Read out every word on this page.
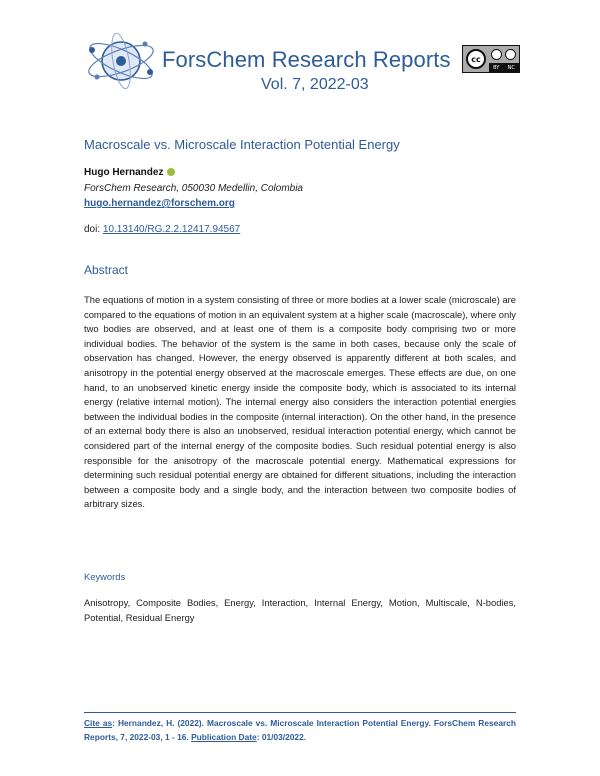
ForsChem Research Reports
Vol. 7, 2022-03
cc
BY NC
Macroscale vs. Microscale Interaction Potential Energy
Hugo Hernandez
ForsChem Research, 050030 Medellin, Colombia
hugo.hernandez@forschem.org
doi: 10.13140/RG.2.2.12417.94567
Abstract
The equations of motion in a system consisting of three or more bodies at a lower scale (microscale) are compared to the equations of motion in an equivalent system at a higher scale (macroscale), where only two bodies are observed, and at least one of them is a composite body comprising two or more individual bodies. The behavior of the system is the same in both cases, because only the scale of observation has changed. However, the energy observed is apparently different at both scales, and anisotropy in the potential energy observed at the macroscale emerges. These effects are due, on one hand, to an unobserved kinetic energy inside the composite body, which is associated to its internal energy (relative internal motion). The internal energy also considers the interaction potential energies between the individual bodies in the composite (internal interaction). On the other hand, in the presence of an external body there is also an unobserved, residual interaction potential energy, which cannot be considered part of the internal energy of the composite bodies. Such residual potential energy is also responsible for the anisotropy of the macroscale potential energy. Mathematical expressions for determining such residual potential energy are obtained for different situations, including the interaction between a composite body and a single body, and the interaction between two composite bodies of arbitrary sizes.
Keywords
Anisotropy, Composite Bodies, Energy, Interaction, Internal Energy, Motion, Multiscale, N-bodies, Potential, Residual Energy
Cite as: Hernandez, H. (2022). Macroscale vs. Microscale Interaction Potential Energy. ForsChem Research Reports, 7, 2022-03, 1 - 16. Publication Date: 01/03/2022.
